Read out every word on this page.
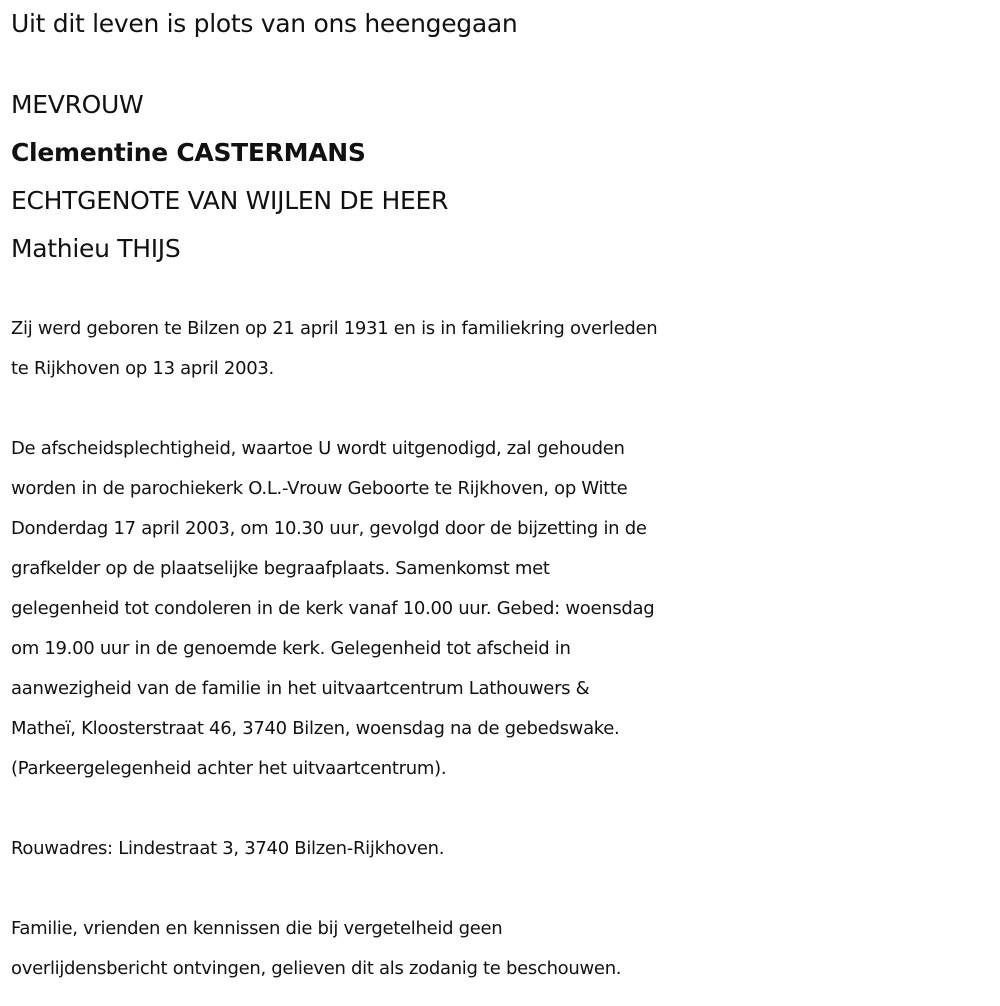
Uit dit leven is plots van ons heengegaan
MEVROUW
Clementine CASTERMANS
ECHTGENOTE VAN WIJLEN DE HEER
Mathieu THIJS
Zij werd geboren te Bilzen op 21 april 1931 en is in familiekring overleden
te Rijkhoven op 13 april 2003.
De afscheidsplechtigheid, waartoe U wordt uitgenodigd, zal gehouden
worden in de parochiekerk O.L.-Vrouw Geboorte te Rijkhoven, op Witte
Donderdag 17 april 2003, om 10.30 uur, gevolgd door de bijzetting in de
grafkelder op de plaatselijke begraafplaats. Samenkomst met
gelegenheid tot condoleren in de kerk vanaf 10.00 uur. Gebed: woensdag
om 19.00 uur in de genoemde kerk. Gelegenheid tot afscheid in
aanwezigheid van de familie in het uitvaartcentrum Lathouwers &
Matheï, Kloosterstraat 46, 3740 Bilzen, woensdag na de gebedswake.
(Parkeergelegenheid achter het uitvaartcentrum).
Rouwadres: Lindestraat 3, 3740 Bilzen-Rijkhoven.
Familie, vrienden en kennissen die bij vergetelheid geen
overlijdensbericht ontvingen, gelieven dit als zodanig te beschouwen.
